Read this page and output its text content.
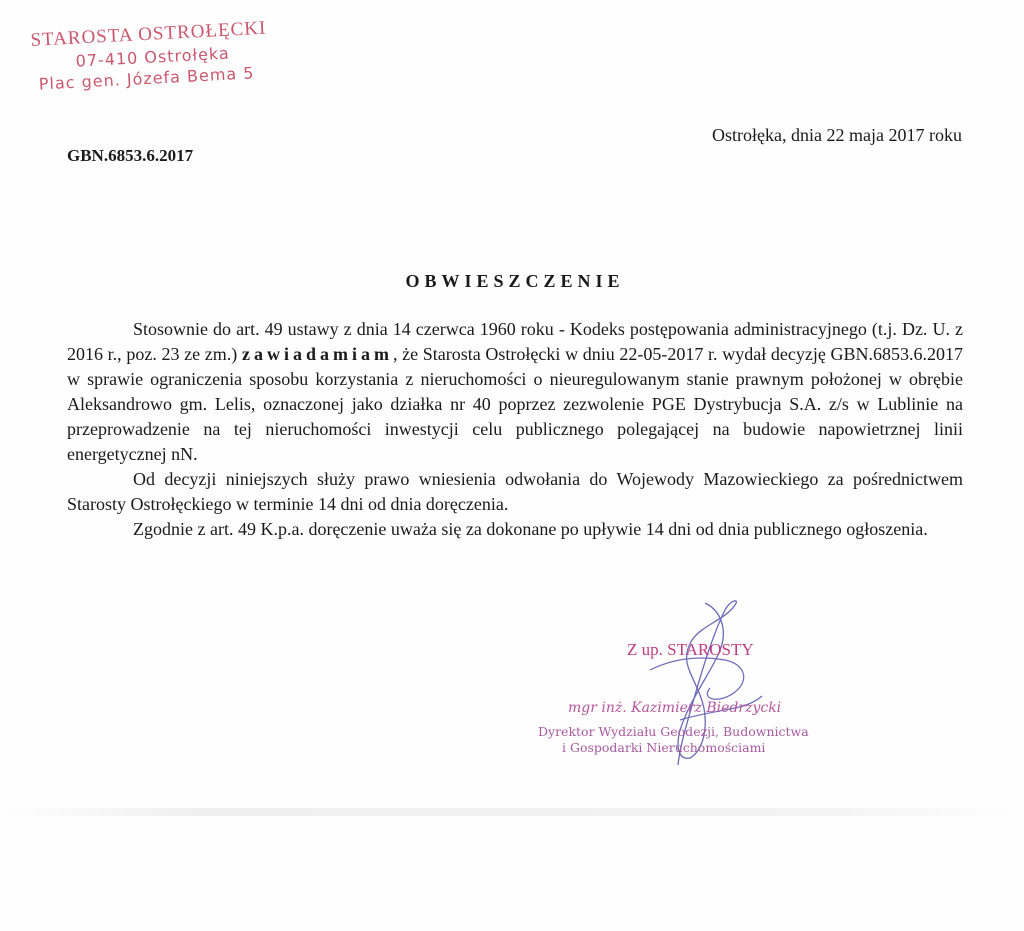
STAROSTA OSTROŁĘCKI
07-410 Ostrołęka
Plac gen. Józefa Bema 5
Ostrołęka, dnia 22 maja 2017 roku
GBN.6853.6.2017
OBWIESZCZENIE

Stosownie do art. 49 ustawy z dnia 14 czerwca 1960 roku - Kodeks postępowania administracyjnego (t.j. Dz. U. z 2016 r., poz. 23 ze zm.) zawiadamiam, że Starosta Ostrołęcki w dniu 22-05-2017 r. wydał decyzję GBN.6853.6.2017 w sprawie ograniczenia sposobu korzystania z nieruchomości o nieuregulowanym stanie prawnym położonej w obrębie Aleksandrowo gm. Lelis, oznaczonej jako działka nr 40 poprzez zezwolenie PGE Dystrybucja S.A. z/s w Lublinie na przeprowadzenie na tej nieruchomości inwestycji celu publicznego polegającej na budowie napowietrznej linii energetycznej nN.

Od decyzji niniejszych służy prawo wniesienia odwołania do Wojewody Mazowieckiego za pośrednictwem Starosty Ostrołęckiego w terminie 14 dni od dnia doręczenia.

Zgodnie z art. 49 K.p.a. doręczenie uważa się za dokonane po upływie 14 dni od dnia publicznego ogłoszenia.

Z up. STAROSTY
mgr inż. Kazimierz Biedrzycki
Dyrektor Wydziału Geodezji, Budownictwa
i Gospodarki Nieruchomościami
